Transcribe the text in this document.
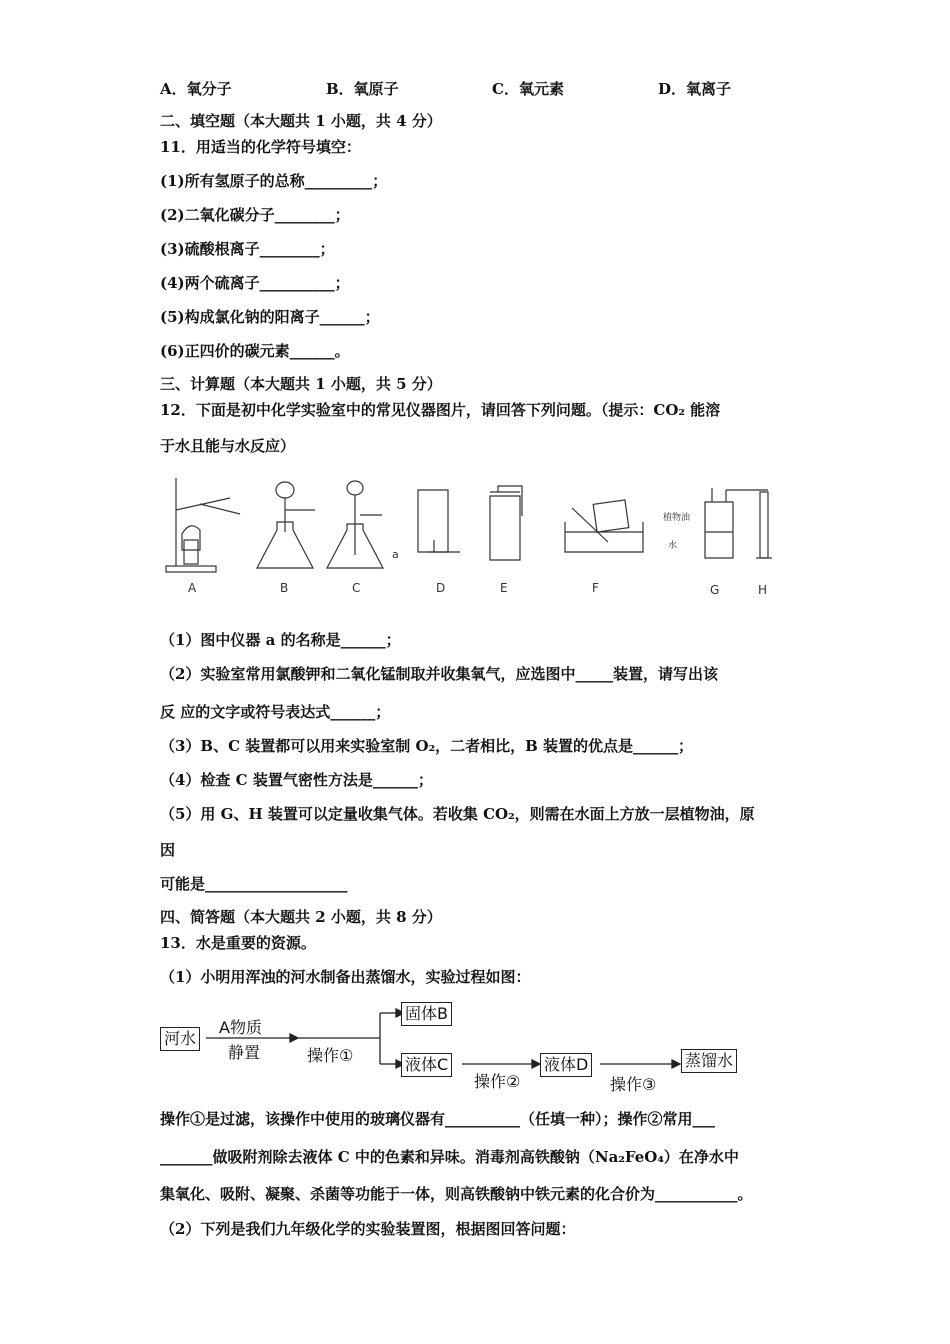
A．氧分子	B．氧原子	C．氧元素	D．氧离子
二、填空题（本大题共 1 小题，共 4 分）
11．用适当的化学符号填空：
(1)所有氢原子的总称_________；
(2)二氧化碳分子________；
(3)硫酸根离子________；
(4)两个硫离子__________；
(5)构成氯化钠的阳离子______；
(6)正四价的碳元素______。
三、计算题（本大题共 1 小题，共 5 分）
12．下面是初中化学实验室中的常见仪器图片，请回答下列问题。（提示：CO₂ 能溶
于水且能与水反应）
a
植物油
水
A	B	C	D	E	F	G	H
（1）图中仪器 a 的名称是______；
（2）实验室常用氯酸钾和二氧化锰制取并收集氧气，应选图中_____装置，请写出该
反 应的文字或符号表达式______；
（3）B、C 装置都可以用来实验室制 O₂，二者相比，B 装置的优点是______；
（4）检查 C 装置气密性方法是______；
（5）用 G、H 装置可以定量收集气体。若收集 CO₂，则需在水面上方放一层植物油，原
因
可能是___________________
四、简答题（本大题共 2 小题，共 8 分）
13．水是重要的资源。
（1）小明用浑浊的河水制备出蒸馏水，实验过程如图：
河水
A物质
静置	操作①
固体B
液体C
操作②
液体D
操作③
蒸馏水
操作①是过滤，该操作中使用的玻璃仪器有__________（任填一种）；操作②常用___
_______做吸附剂除去液体 C 中的色素和异味。消毒剂高铁酸钠（Na₂FeO₄）在净水中
集氧化、吸附、凝聚、杀菌等功能于一体，则高铁酸钠中铁元素的化合价为___________。
（2）下列是我们九年级化学的实验装置图，根据图回答问题：
